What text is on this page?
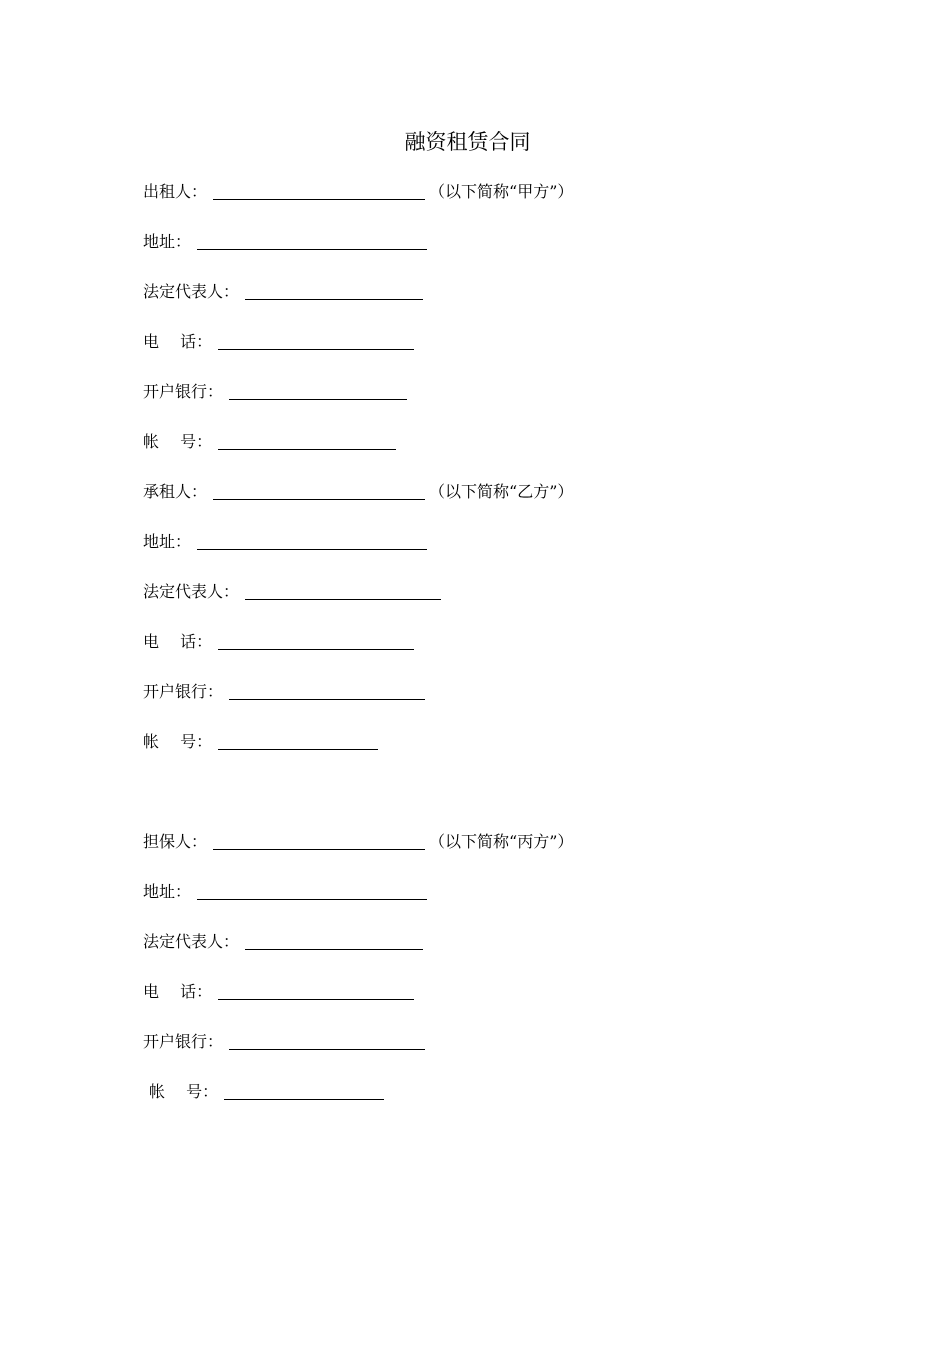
融资租赁合同
出租人：	（以下简称“甲方”）
地址：
法定代表人：
电　 话：
开户银行：
帐　 号：
承租人：	（以下简称“乙方”）
地址：
法定代表人：
电　 话：
开户银行：
帐　 号：
担保人：	（以下简称“丙方”）
地址：
法定代表人：
电　 话：
开户银行：
帐　 号：
